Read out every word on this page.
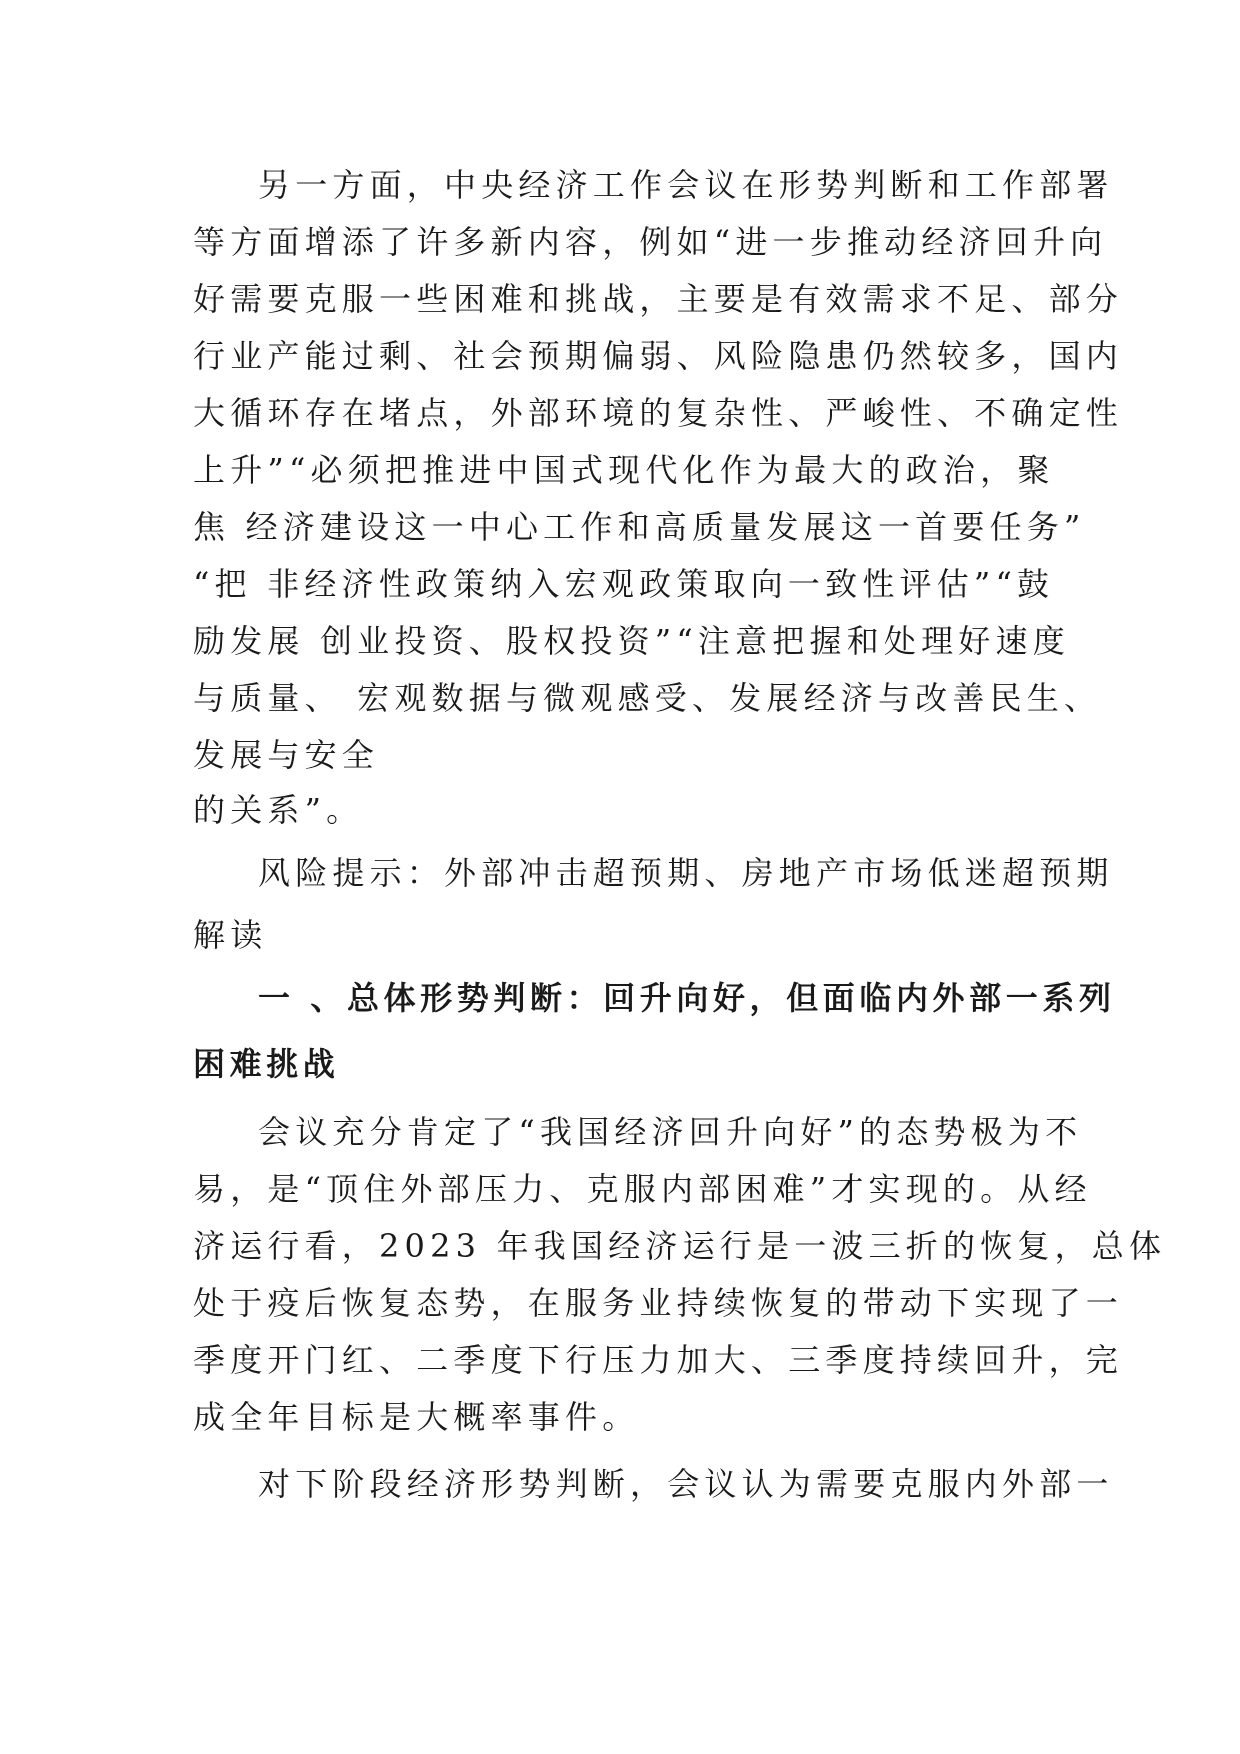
另一方面，中央经济工作会议在形势判断和工作部署
等方面增添了许多新内容，例如“进一步推动经济回升向
好需要克服一些困难和挑战，主要是有效需求不足、部分
行业产能过剩、社会预期偏弱、风险隐患仍然较多，国内
大循环存在堵点，外部环境的复杂性、严峻性、不确定性
上升”“必须把推进中国式现代化作为最大的政治，聚
焦 经济建设这一中心工作和高质量发展这一首要任务”
“把 非经济性政策纳入宏观政策取向一致性评估”“鼓
励发展 创业投资、股权投资”“注意把握和处理好速度
与质量、 宏观数据与微观感受、发展经济与改善民生、
发展与安全
的关系”。
风险提示：外部冲击超预期、房地产市场低迷超预期
解读
一 、总体形势判断：回升向好，但面临内外部一系列
困难挑战
会议充分肯定了“我国经济回升向好”的态势极为不
易，是“顶住外部压力、克服内部困难”才实现的。从经
济运行看，2023 年我国经济运行是一波三折的恢复，总体
处于疫后恢复态势，在服务业持续恢复的带动下实现了一
季度开门红、二季度下行压力加大、三季度持续回升，完
成全年目标是大概率事件。
对下阶段经济形势判断，会议认为需要克服内外部一
